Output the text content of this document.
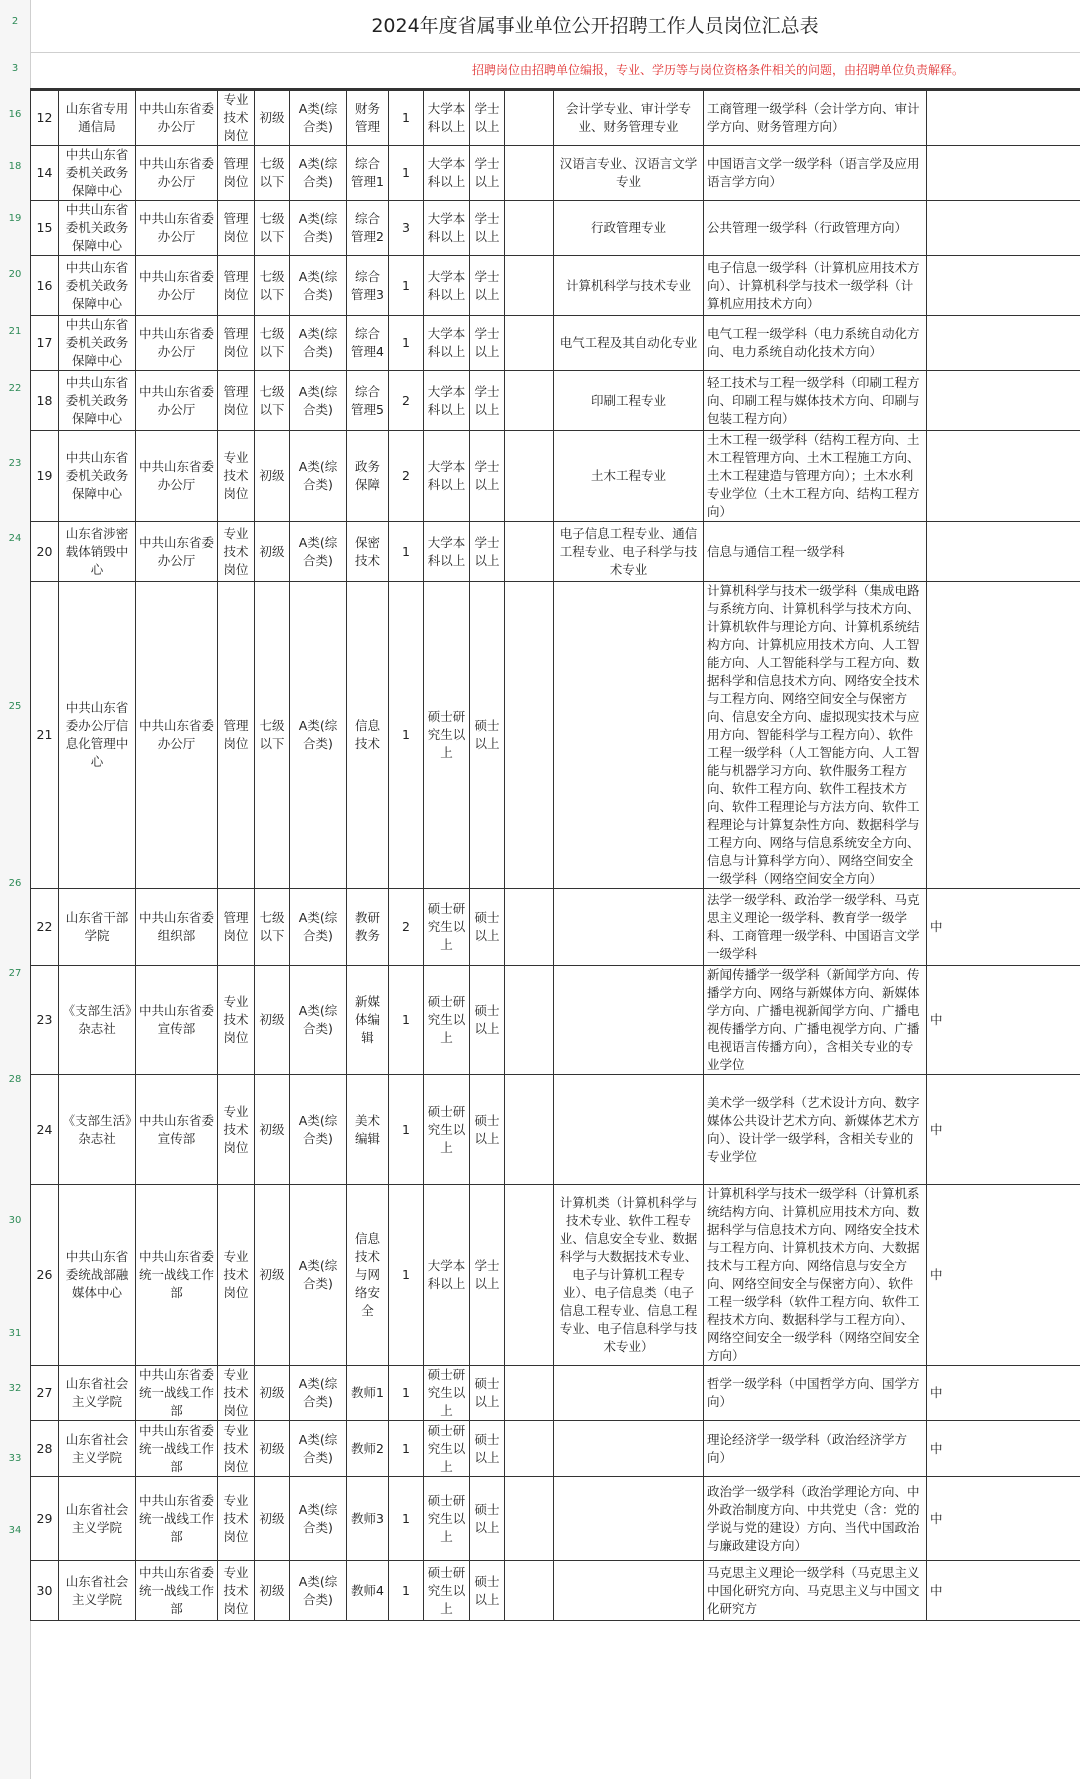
2
3
2024年度省属事业单位公开招聘工作人员岗位汇总表
招聘岗位由招聘单位编报，专业、学历等与岗位资格条件相关的问题，由招聘单位负责解释。
16
18
19
20
21
22
23
24
25
26
27
28
30
31
32
33
34
12	山东省专用通信局	中共山东省委办公厅	专业技术岗位	初级	A类(综合类)	财务管理	1	大学本科以上	学士以上		会计学专业、审计学专业、财务管理专业	工商管理一级学科（会计学方向、审计学方向、财务管理方向）	
14	中共山东省委机关政务保障中心	中共山东省委办公厅	管理岗位	七级以下	A类(综合类)	综合管理1	1	大学本科以上	学士以上		汉语言专业、汉语言文学专业	中国语言文学一级学科（语言学及应用语言学方向）	
15	中共山东省委机关政务保障中心	中共山东省委办公厅	管理岗位	七级以下	A类(综合类)	综合管理2	3	大学本科以上	学士以上		行政管理专业	公共管理一级学科（行政管理方向）	
16	中共山东省委机关政务保障中心	中共山东省委办公厅	管理岗位	七级以下	A类(综合类)	综合管理3	1	大学本科以上	学士以上		计算机科学与技术专业	电子信息一级学科（计算机应用技术方向）、计算机科学与技术一级学科（计算机应用技术方向）	
17	中共山东省委机关政务保障中心	中共山东省委办公厅	管理岗位	七级以下	A类(综合类)	综合管理4	1	大学本科以上	学士以上		电气工程及其自动化专业	电气工程一级学科（电力系统自动化方向、电力系统自动化技术方向）	
18	中共山东省委机关政务保障中心	中共山东省委办公厅	管理岗位	七级以下	A类(综合类)	综合管理5	2	大学本科以上	学士以上		印刷工程专业	轻工技术与工程一级学科（印刷工程方向、印刷工程与媒体技术方向、印刷与包装工程方向）	
19	中共山东省委机关政务保障中心	中共山东省委办公厅	专业技术岗位	初级	A类(综合类)	政务保障	2	大学本科以上	学士以上		土木工程专业	土木工程一级学科（结构工程方向、土木工程管理方向、土木工程施工方向、土木工程建造与管理方向）；土木水利专业学位（土木工程方向、结构工程方向）	
20	山东省涉密载体销毁中心	中共山东省委办公厅	专业技术岗位	初级	A类(综合类)	保密技术	1	大学本科以上	学士以上		电子信息工程专业、通信工程专业、电子科学与技术专业	信息与通信工程一级学科	
21	中共山东省委办公厅信息化管理中心	中共山东省委办公厅	管理岗位	七级以下	A类(综合类)	信息技术	1	硕士研究生以上	硕士以上			计算机科学与技术一级学科（集成电路与系统方向、计算机科学与技术方向、计算机软件与理论方向、计算机系统结构方向、计算机应用技术方向、人工智能方向、人工智能科学与工程方向、数据科学和信息技术方向、网络安全技术与工程方向、网络空间安全与保密方向、信息安全方向、虚拟现实技术与应用方向、智能科学与工程方向）、软件工程一级学科（人工智能方向、人工智能与机器学习方向、软件服务工程方向、软件工程方向、软件工程技术方向、软件工程理论与方法方向、软件工程理论与计算复杂性方向、数据科学与工程方向、网络与信息系统安全方向、信息与计算科学方向）、网络空间安全一级学科（网络空间安全方向）	
22	山东省干部学院	中共山东省委组织部	管理岗位	七级以下	A类(综合类)	教研教务	2	硕士研究生以上	硕士以上			法学一级学科、政治学一级学科、马克思主义理论一级学科、教育学一级学科、工商管理一级学科、中国语言文学一级学科	中
23	《支部生活》杂志社	中共山东省委宣传部	专业技术岗位	初级	A类(综合类)	新媒体编辑	1	硕士研究生以上	硕士以上			新闻传播学一级学科（新闻学方向、传播学方向、网络与新媒体方向、新媒体学方向、广播电视新闻学方向、广播电视传播学方向、广播电视学方向、广播电视语言传播方向），含相关专业的专业学位	中
24	《支部生活》杂志社	中共山东省委宣传部	专业技术岗位	初级	A类(综合类)	美术编辑	1	硕士研究生以上	硕士以上			美术学一级学科（艺术设计方向、数字媒体公共设计艺术方向、新媒体艺术方向）、设计学一级学科，含相关专业的专业学位	中
26	中共山东省委统战部融媒体中心	中共山东省委统一战线工作部	专业技术岗位	初级	A类(综合类)	信息技术与网络安全	1	大学本科以上	学士以上		计算机类（计算机科学与技术专业、软件工程专业、信息安全专业、数据科学与大数据技术专业、电子与计算机工程专业）、电子信息类（电子信息工程专业、信息工程专业、电子信息科学与技术专业）	计算机科学与技术一级学科（计算机系统结构方向、计算机应用技术方向、数据科学与信息技术方向、网络安全技术与工程方向、计算机技术方向、大数据技术与工程方向、网络信息与安全方向、网络空间安全与保密方向）、软件工程一级学科（软件工程方向、软件工程技术方向、数据科学与工程方向）、网络空间安全一级学科（网络空间安全方向）	中
27	山东省社会主义学院	中共山东省委统一战线工作部	专业技术岗位	初级	A类(综合类)	教师1	1	硕士研究生以上	硕士以上			哲学一级学科（中国哲学方向、国学方向）	中
28	山东省社会主义学院	中共山东省委统一战线工作部	专业技术岗位	初级	A类(综合类)	教师2	1	硕士研究生以上	硕士以上			理论经济学一级学科（政治经济学方向）	中
29	山东省社会主义学院	中共山东省委统一战线工作部	专业技术岗位	初级	A类(综合类)	教师3	1	硕士研究生以上	硕士以上			政治学一级学科（政治学理论方向、中外政治制度方向、中共党史（含：党的学说与党的建设）方向、当代中国政治与廉政建设方向）	中
30	山东省社会主义学院	中共山东省委统一战线工作部	专业技术岗位	初级	A类(综合类)	教师4	1	硕士研究生以上	硕士以上			马克思主义理论一级学科（马克思主义中国化研究方向、马克思主义与中国文化研究方	中
